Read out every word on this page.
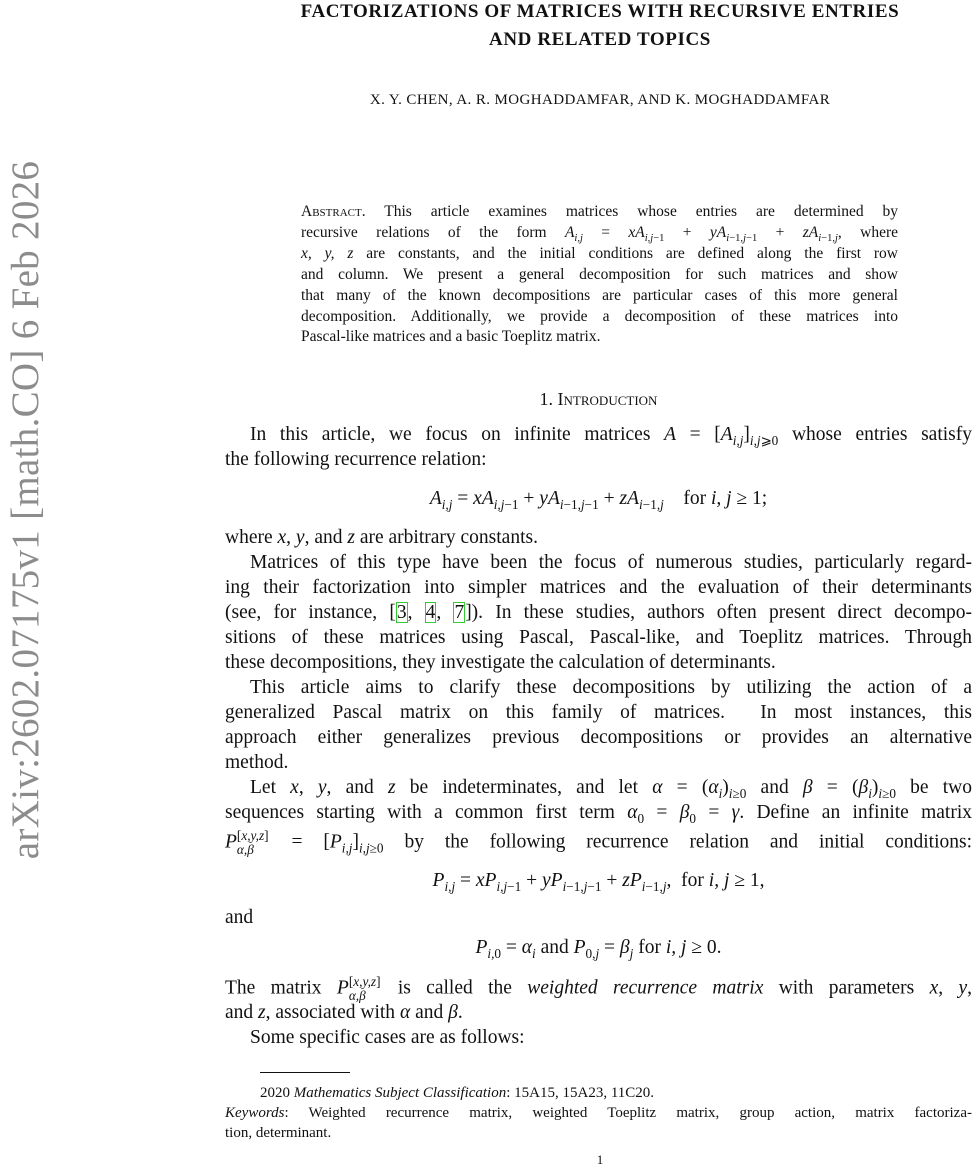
arXiv:2602.07175v1 [math.CO] 6 Feb 2026
FACTORIZATIONS OF MATRICES WITH RECURSIVE ENTRIES
AND RELATED TOPICS
X. Y. CHEN, A. R. MOGHADDAMFAR, AND K. MOGHADDAMFAR
Abstract. This article examines matrices whose entries are determined by
recursive relations of the form $A_{i,j} = xA_{i,j-1} + yA_{i-1,j-1} + zA_{i-1,j}$, where
x, y, z are constants, and the initial conditions are defined along the first row
and column. We present a general decomposition for such matrices and show
that many of the known decompositions are particular cases of this more general
decomposition. Additionally, we provide a decomposition of these matrices into
Pascal-like matrices and a basic Toeplitz matrix.
1. Introduction
In this article, we focus on infinite matrices $A = [A_{i,j}]_{i,j⩾0}$ whose entries satisfy
the following recurrence relation:
$A_{i,j} = xA_{i,j-1} + yA_{i-1,j-1} + zA_{i-1,j}$    for i, j ≥ 1;
where x, y, and z are arbitrary constants.
Matrices of this type have been the focus of numerous studies, particularly regard-
ing their factorization into simpler matrices and the evaluation of their determinants
(see, for instance, [3, 4, 7]). In these studies, authors often present direct decompo-
sitions of these matrices using Pascal, Pascal-like, and Toeplitz matrices. Through
these decompositions, they investigate the calculation of determinants.
This article aims to clarify these decompositions by utilizing the action of a
generalized Pascal matrix on this family of matrices.  In most instances, this
approach either generalizes previous decompositions or provides an alternative
method.
Let x, y, and z be indeterminates, and let $\alpha = (\alpha_i)_{i\ge 0}$ and $\beta = (\beta_i)_{i\ge 0}$ be two
sequences starting with a common first term $\alpha_0 = \beta_0 = \gamma$. Define an infinite matrix
P [x,y,z]
$\alpha,\beta = [P_{i,j}]_{i,j\ge 0}$ by the following recurrence relation and initial conditions:
$P_{i,j} = xP_{i,j-1} + yP_{i-1,j-1} + zP_{i-1,j}$,  for i, j ≥ 1,
and
$P_{i,0} = \alpha_i$ and $P_{0,j} = \beta_j$ for i, j ≥ 0.
The matrix P [x,y,z]
α,β is called the weighted recurrence matrix with parameters x, y,
and z, associated with α and β.
Some specific cases are as follows:
2020 Mathematics Subject Classification: 15A15, 15A23, 11C20.
Keywords: Weighted recurrence matrix, weighted Toeplitz matrix, group action, matrix factoriza-
tion, determinant.
1
